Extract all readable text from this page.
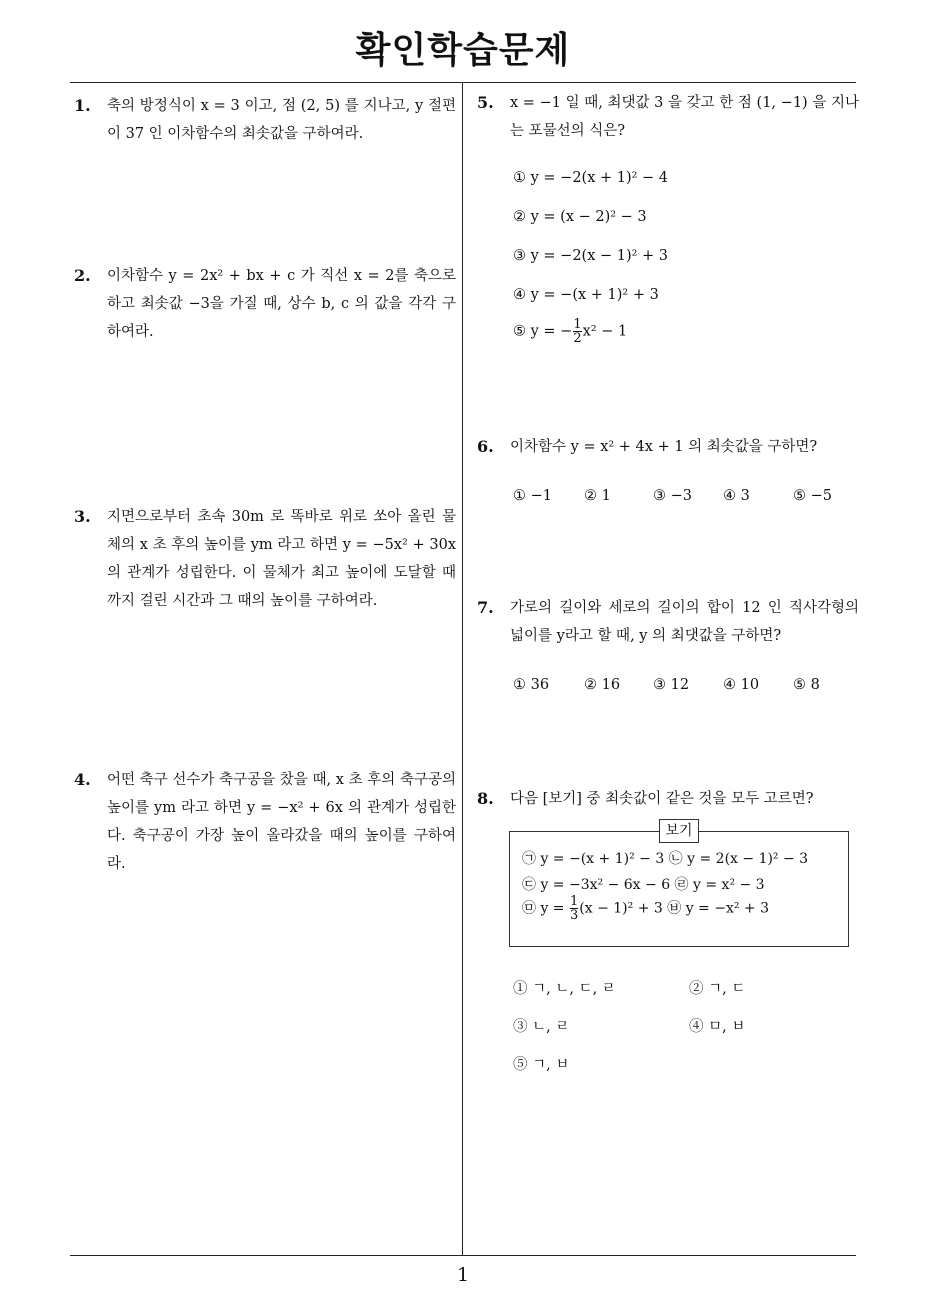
확인학습문제
1
1. 축의 방정식이 x = 3 이고, 점 (2, 5) 를 지나고, y 절편이 37 인 이차함수의 최솟값을 구하여라.
2. 이차함수 y = 2x² + bx + c 가 직선 x = 2를 축으로 하고 최솟값 −3을 가질 때, 상수 b, c 의 값을 각각 구하여라.
3. 지면으로부터 초속 30m 로 똑바로 위로 쏘아 올린 물체의 x 초 후의 높이를 ym 라고 하면 y = −5x² + 30x 의 관계가 성립한다. 이 물체가 최고 높이에 도달할 때까지 걸린 시간과 그 때의 높이를 구하여라.
4. 어떤 축구 선수가 축구공을 찼을 때, x 초 후의 축구공의 높이를 ym 라고 하면 y = −x² + 6x 의 관계가 성립한다. 축구공이 가장 높이 올라갔을 때의 높이를 구하여라.
5. x = −1 일 때, 최댓값 3 을 갖고 한 점 (1, −1) 을 지나는 포물선의 식은?
① y = −2(x + 1)² − 4
② y = (x − 2)² − 3
③ y = −2(x − 1)² + 3
④ y = −(x + 1)² + 3
⑤ y = − $\frac{1}{2} x^2 - 1$
6. 이차함수 y = x² + 4x + 1 의 최솟값을 구하면?
① −1 ② 1	③ −3 ④ 3	⑤ −5
7. 가로의 길이와 세로의 길이의 합이 12 인 직사각형의 넓이를 y라고 할 때, y 의 최댓값을 구하면?
① 36 ② 16 ③ 12 ④ 10 ⑤ 8
8. 다음 [보기] 중 최솟값이 같은 것을 모두 고르면?
보기
㉠ y = −(x + 1)² − 3 ㉡ y = 2(x − 1)² − 3
㉢ y = −3x² − 6x − 6 ㉣ y = x² − 3
㉤ $y = \frac{1}{3} (x - 1)^2 + 3$ ㉥ y = −x² + 3
① ㄱ, ㄴ, ㄷ, ㄹ	② ㄱ, ㄷ
③ ㄴ, ㄹ	④ ㅁ, ㅂ
⑤ ㄱ, ㅂ
